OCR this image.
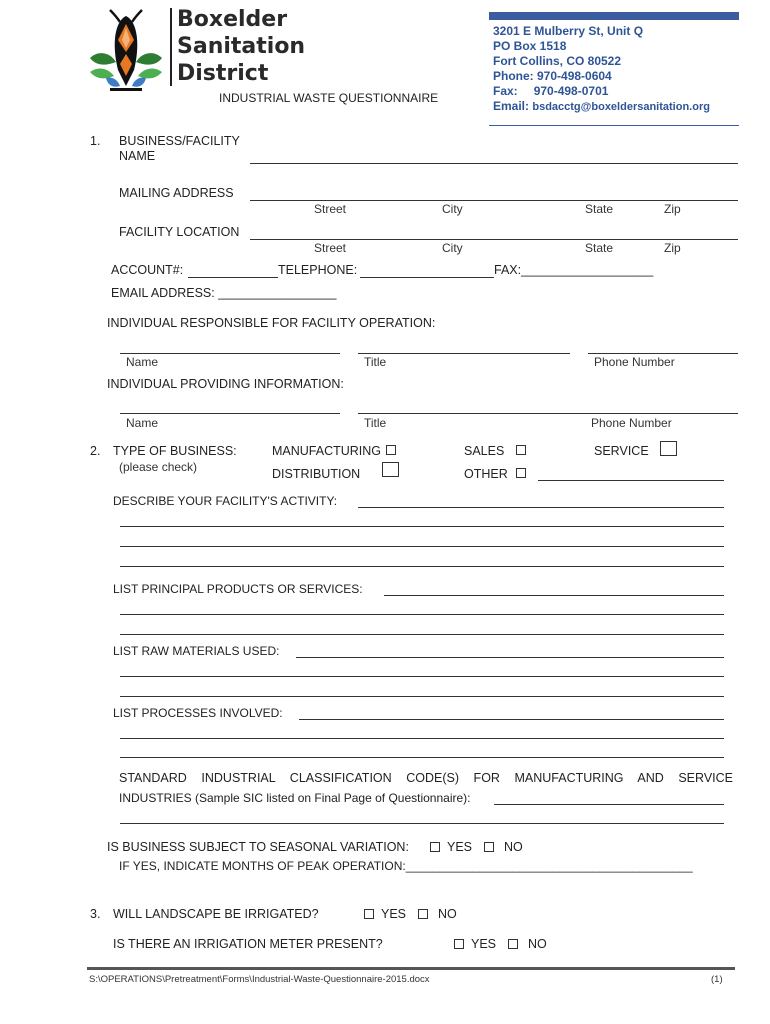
Boxelder
Sanitation
District
INDUSTRIAL WASTE QUESTIONNAIRE
3201 E Mulberry St, Unit Q
PO Box 1518
Fort Collins, CO 80522
Phone: 970-498-0604
Fax: 970-498-0701
Email: bsdacctg@boxeldersanitation.org
1. BUSINESS/FACILITY
NAME
MAILING ADDRESS
Street	City	State	Zip
FACILITY LOCATION
Street	City	State	Zip
ACCOUNT#:	TELEPHONE:	FAX:___________________
EMAIL ADDRESS: _________________
INDIVIDUAL RESPONSIBLE FOR FACILITY OPERATION:
Name	Title	Phone Number
INDIVIDUAL PROVIDING INFORMATION:
Name	Title	Phone Number
2. TYPE OF BUSINESS:
(please check)
MANUFACTURING
DISTRIBUTION
SALES
OTHER
SERVICE
DESCRIBE YOUR FACILITY'S ACTIVITY:
LIST PRINCIPAL PRODUCTS OR SERVICES:
LIST RAW MATERIALS USED:
LIST PROCESSES INVOLVED:
STANDARD INDUSTRIAL CLASSIFICATION CODE(S) FOR MANUFACTURING AND SERVICE
INDUSTRIES (Sample SIC listed on Final Page of Questionnaire):
IS BUSINESS SUBJECT TO SEASONAL VARIATION:	YES	NO
IF YES, INDICATE MONTHS OF PEAK OPERATION:___________________________________________
3. WILL LANDSCAPE BE IRRIGATED?	YES	NO
IS THERE AN IRRIGATION METER PRESENT?	YES	NO
S:\OPERATIONS\Pretreatment\Forms\Industrial-Waste-Questionnaire-2015.docx	(1)
